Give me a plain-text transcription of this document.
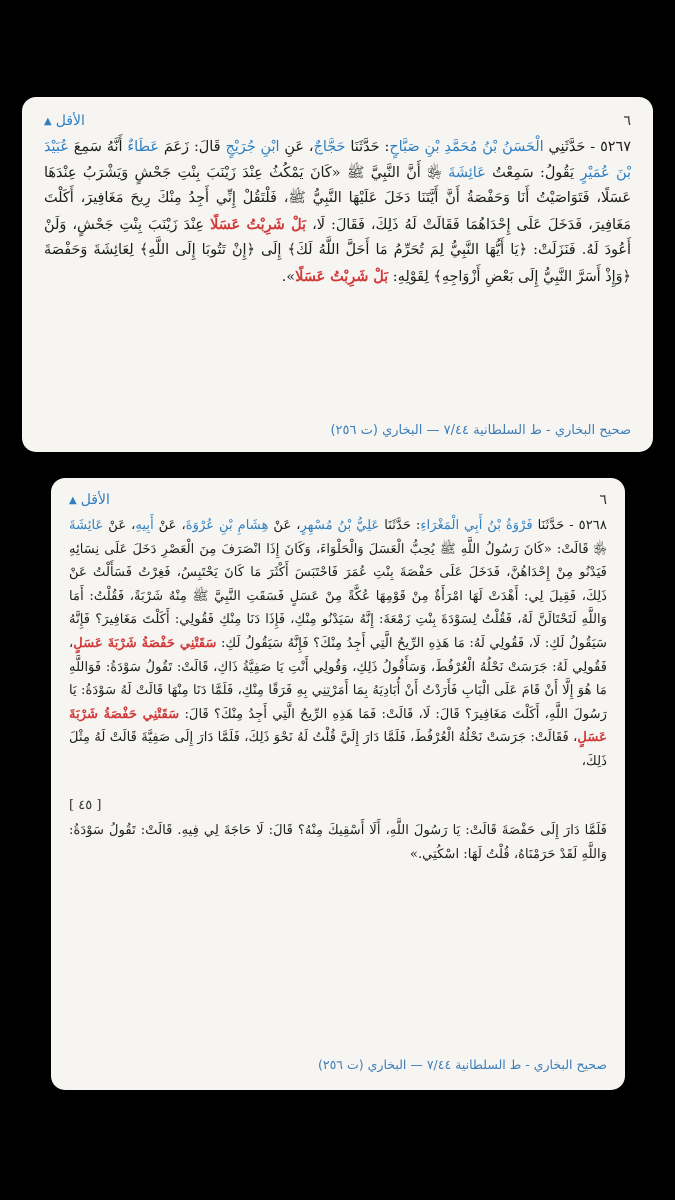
٦
الأقل
▲
٥٢٦٧ - حَدَّثَنِي الْحَسَنُ بْنُ مُحَمَّدِ بْنِ صَبَّاحٍ: حَدَّثَنَا حَجَّاجٌ، عَنِ ابْنِ جُرَيْجٍ قَالَ: زَعَمَ عَطَاءٌ أَنَّهُ سَمِعَ عُبَيْدَ بْنَ عُمَيْرٍ يَقُولُ: سَمِعْتُ عَائِشَةَ ﵂ أَنَّ النَّبِيَّ ﷺ «كَانَ يَمْكُثُ عِنْدَ زَيْنَبَ بِنْتِ جَحْشٍ وَيَشْرَبُ عِنْدَهَا عَسَلًا، فَتَوَاصَيْتُ أَنَا وَحَفْصَةُ أَنَّ أَيَّتَنَا دَخَلَ عَلَيْهَا النَّبِيُّ ﷺ، فَلْتَقُلْ إِنِّي أَجِدُ مِنْكَ رِيحَ مَغَافِيرَ، أَكَلْتَ مَغَافِيرَ، فَدَخَلَ عَلَى إِحْدَاهُمَا فَقَالَتْ لَهُ ذَلِكَ، فَقَالَ: لَا، بَلْ شَرِبْتُ عَسَلًا عِنْدَ زَيْنَبَ بِنْتِ جَحْشٍ، وَلَنْ أَعُودَ لَهُ. فَنَزَلَتْ: ﴿يَا أَيُّهَا النَّبِيُّ لِمَ تُحَرِّمُ مَا أَحَلَّ اللَّهُ لَكَ﴾ إِلَى ﴿إِنْ تَتُوبَا إِلَى اللَّهِ﴾ لِعَائِشَةَ وَحَفْصَةَ ﴿وَإِذْ أَسَرَّ النَّبِيُّ إِلَى بَعْضِ أَزْوَاجِهِ﴾ لِقَوْلِهِ: بَلْ شَرِبْتُ عَسَلًا».
صحيح البخاري - ط السلطانية ٧/٤٤ — البخاري (ت ٢٥٦)
٦
الأقل
▲
٥٢٦٨ - حَدَّثَنَا فَرْوَةُ بْنُ أَبِي الْمَغْرَاءِ: حَدَّثَنَا عَلِيُّ بْنُ مُسْهِرٍ، عَنْ هِشَامِ بْنِ عُرْوَةَ، عَنْ أَبِيهِ، عَنْ عَائِشَةَ ﵂ قَالَتْ: «كَانَ رَسُولُ اللَّهِ ﷺ يُحِبُّ الْعَسَلَ وَالْحَلْوَاءَ، وَكَانَ إِذَا انْصَرَفَ مِنَ الْعَصْرِ دَخَلَ عَلَى نِسَائِهِ فَيَدْنُو مِنْ إِحْدَاهُنَّ، فَدَخَلَ عَلَى حَفْصَةَ بِنْتِ عُمَرَ فَاحْتَبَسَ أَكْثَرَ مَا كَانَ يَحْتَبِسُ، فَغِرْتُ فَسَأَلْتُ عَنْ ذَلِكَ، فَقِيلَ لِي: أَهْدَتْ لَهَا امْرَأَةٌ مِنْ قَوْمِهَا عُكَّةً مِنْ عَسَلٍ فَسَقَتِ النَّبِيَّ ﷺ مِنْهُ شَرْبَةً، فَقُلْتُ: أَمَا وَاللَّهِ لَنَحْتَالَنَّ لَهُ، فَقُلْتُ لِسَوْدَةَ بِنْتِ زَمْعَةَ: إِنَّهُ سَيَدْنُو مِنْكِ، فَإِذَا دَنَا مِنْكِ فَقُولِي: أَكَلْتَ مَغَافِيرَ؟ فَإِنَّهُ سَيَقُولُ لَكِ: لَا، فَقُولِي لَهُ: مَا هَذِهِ الرِّيحُ الَّتِي أَجِدُ مِنْكَ؟ فَإِنَّهُ سَيَقُولُ لَكِ: سَقَتْنِي حَفْصَةُ شَرْبَةَ عَسَلٍ، فَقُولِي لَهُ: جَرَسَتْ نَحْلُهُ الْعُرْفُطَ، وَسَأَقُولُ ذَلِكِ، وَقُولِي أَنْتِ يَا صَفِيَّةُ ذَاكِ، قَالَتْ: تَقُولُ سَوْدَةُ: فَوَاللَّهِ مَا هُوَ إِلَّا أَنْ قَامَ عَلَى الْبَابِ فَأَرَدْتُ أَنْ أُبَادِيَهُ بِمَا أَمَرْتِنِي بِهِ فَرَقًا مِنْكِ، فَلَمَّا دَنَا مِنْهَا قَالَتْ لَهُ سَوْدَةُ: يَا رَسُولَ اللَّهِ، أَكَلْتَ مَغَافِيرَ؟ قَالَ: لَا، قَالَتْ: فَمَا هَذِهِ الرِّيحُ الَّتِي أَجِدُ مِنْكَ؟ قَالَ: سَقَتْنِي حَفْصَةُ شَرْبَةَ عَسَلٍ، فَقَالَتْ: جَرَسَتْ نَحْلُهُ الْعُرْفُطَ، فَلَمَّا دَارَ إِلَيَّ قُلْتُ لَهُ نَحْوَ ذَلِكَ، فَلَمَّا دَارَ إِلَى صَفِيَّةَ قَالَتْ لَهُ مِثْلَ ذَلِكَ،
[ ٤٥ ]
فَلَمَّا دَارَ إِلَى حَفْصَةَ قَالَتْ: يَا رَسُولَ اللَّهِ، أَلَا أَسْقِيكَ مِنْهُ؟ قَالَ: لَا حَاجَةَ لِي فِيهِ. قَالَتْ: تَقُولُ سَوْدَةُ: وَاللَّهِ لَقَدْ حَرَمْنَاهُ، قُلْتُ لَهَا: اسْكُتِي.»
صحيح البخاري - ط السلطانية ٧/٤٤ — البخاري (ت ٢٥٦)
